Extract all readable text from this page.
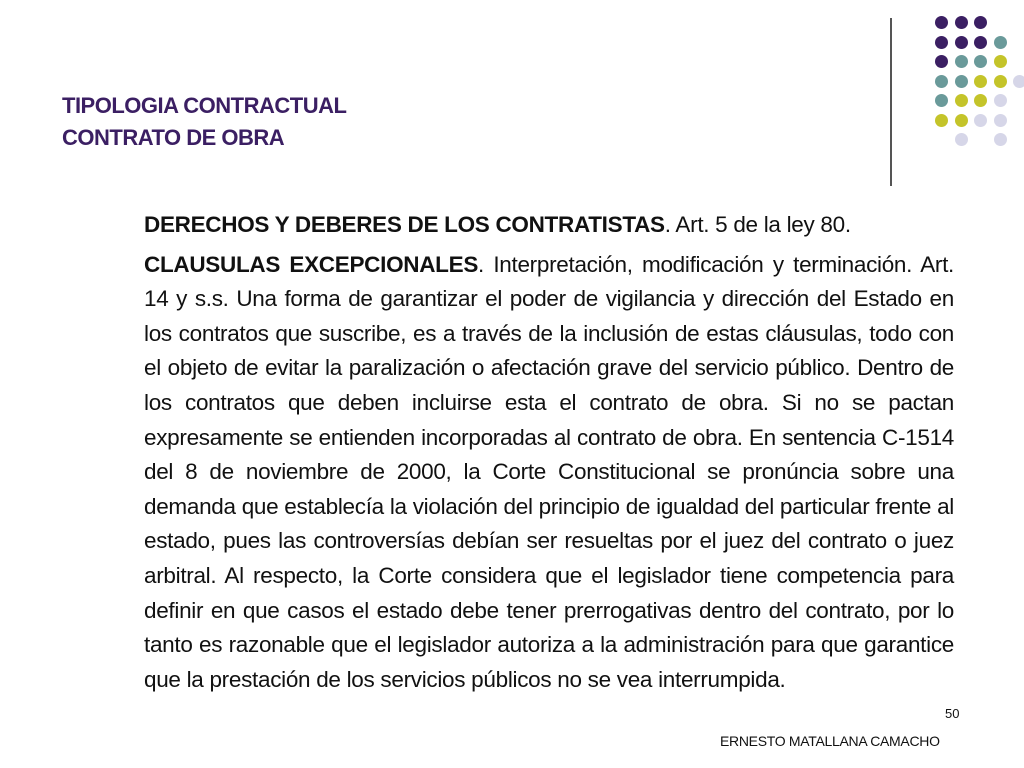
TIPOLOGIA CONTRACTUAL
CONTRATO DE OBRA

DERECHOS Y DEBERES DE LOS CONTRATISTAS. Art. 5 de la ley 80.

CLAUSULAS EXCEPCIONALES. Interpretación, modificación y terminación. Art. 14 y s.s. Una forma de garantizar el poder de vigilancia y dirección del Estado en los contratos que suscribe, es a través de la inclusión de estas cláusulas, todo con el objeto de evitar la paralización o afectación grave del servicio público. Dentro de los contratos que deben incluirse esta el contrato de obra. Si no se pactan expresamente se entienden incorporadas al contrato de obra. En sentencia C-1514 del 8 de noviembre de 2000, la Corte Constitucional se pronúncia sobre una demanda que establecía la violación del principio de igualdad del particular frente al estado, pues las controversías debían ser resueltas por el juez del contrato o juez arbitral. Al respecto, la Corte considera que el legislador tiene competencia para definir en que casos el estado debe tener prerrogativas dentro del contrato, por lo tanto es razonable que el legislador autoriza a la administración para que garantice que la prestación de los servicios públicos no se vea interrumpida.

50
ERNESTO MATALLANA CAMACHO
